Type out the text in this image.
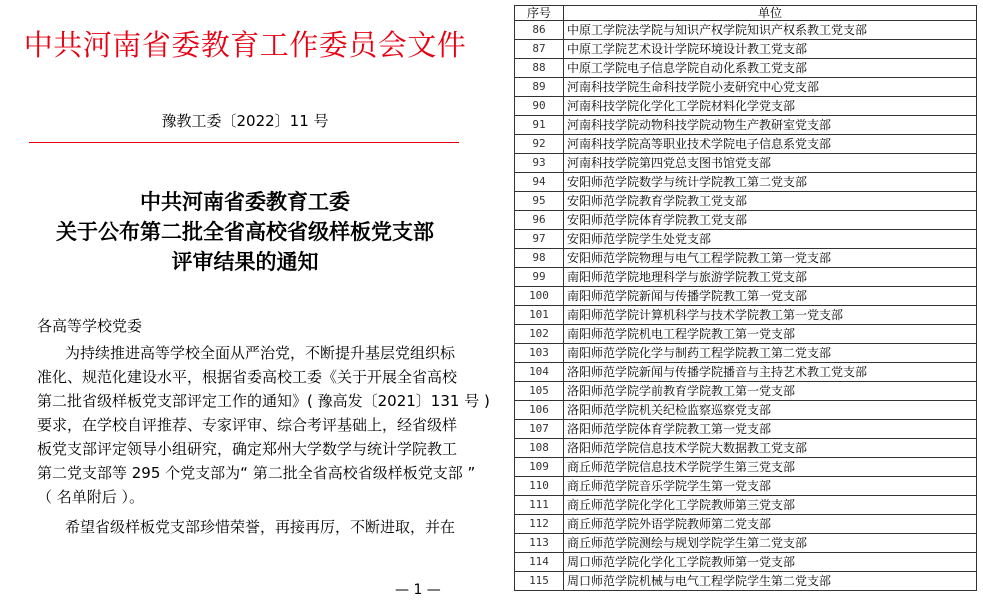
中共河南省委教育工作委员会文件
豫教工委〔2022〕11 号
中共河南省委教育工委
关于公布第二批全省高校省级样板党支部
评审结果的通知
各高等学校党委
为持续推进高等学校全面从严治党，不断提升基层党组织标
准化、规范化建设水平，根据省委高校工委《关于开展全省高校
第二批省级样板党支部评定工作的通知》( 豫高发〔2021〕131 号 )
要求，在学校自评推荐、专家评审、综合考评基础上，经省级样
板党支部评定领导小组研究，确定郑州大学数学与统计学院教工
第二党支部等 295 个党支部为“ 第二批全省高校省级样板党支部 ”
（ 名单附后 ）。
希望省级样板党支部珍惜荣誉，再接再厉，不断进取，并在
— 1 —
序号	单位
86	中原工学院法学院与知识产权学院知识产权系教工党支部
87	中原工学院艺术设计学院环境设计教工党支部
88	中原工学院电子信息学院自动化系教工党支部
89	河南科技学院生命科技学院小麦研究中心党支部
90	河南科技学院化学化工学院材料化学党支部
91	河南科技学院动物科技学院动物生产教研室党支部
92	河南科技学院高等职业技术学院电子信息系党支部
93	河南科技学院第四党总支图书馆党支部
94	安阳师范学院数学与统计学院教工第二党支部
95	安阳师范学院教育学院教工党支部
96	安阳师范学院体育学院教工党支部
97	安阳师范学院学生处党支部
98	安阳师范学院物理与电气工程学院教工第一党支部
99	南阳师范学院地理科学与旅游学院教工党支部
100	南阳师范学院新闻与传播学院教工第一党支部
101	南阳师范学院计算机科学与技术学院教工第一党支部
102	南阳师范学院机电工程学院教工第一党支部
103	南阳师范学院化学与制药工程学院教工第二党支部
104	洛阳师范学院新闻与传播学院播音与主持艺术教工党支部
105	洛阳师范学院学前教育学院教工第一党支部
106	洛阳师范学院机关纪检监察巡察党支部
107	洛阳师范学院体育学院教工第一党支部
108	洛阳师范学院信息技术学院大数据教工党支部
109	商丘师范学院信息技术学院学生第三党支部
110	商丘师范学院音乐学院学生第一党支部
111	商丘师范学院化学化工学院教师第三党支部
112	商丘师范学院外语学院教师第二党支部
113	商丘师范学院测绘与规划学院学生第二党支部
114	周口师范学院化学化工学院教师第一党支部
115	周口师范学院机械与电气工程学院学生第二党支部
